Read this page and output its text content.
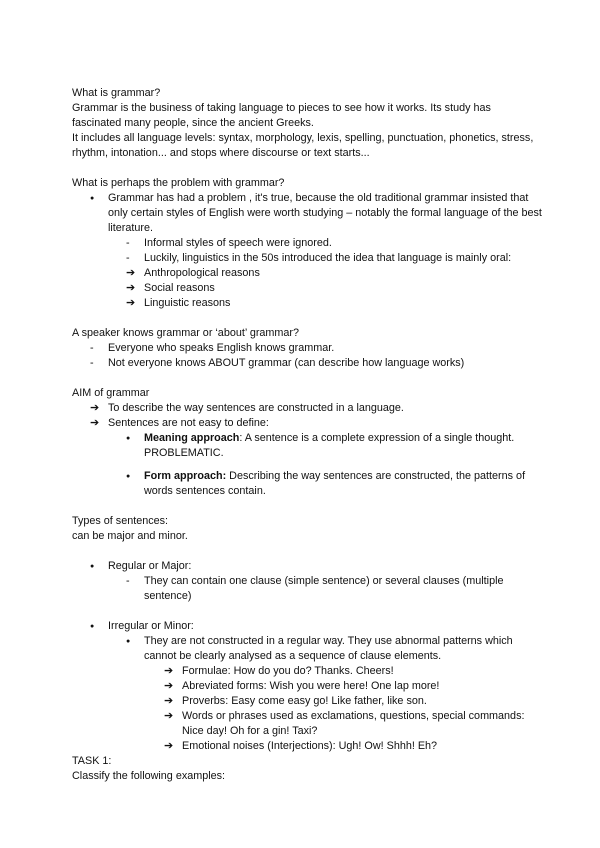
What is grammar?

Grammar is the business of taking language to pieces to see how it works. Its study has fascinated many people, since the ancient Greeks.

It includes all language levels: syntax, morphology, lexis, spelling, punctuation, phonetics, stress, rhythm, intonation... and stops where discourse or text starts...

What is perhaps the problem with grammar?

●	Grammar has had a problem , it's true, because the old traditional grammar insisted that only certain styles of English were worth studying – notably the formal language of the best literature.
-	Informal styles of speech were ignored.
-	Luckily, linguistics in the 50s introduced the idea that language is mainly oral:
➔ Anthropological reasons
➔ Social reasons
➔ Linguistic reasons

A speaker knows grammar or ‘about’ grammar?

-	Everyone who speaks English knows grammar.
-	Not everyone knows ABOUT grammar (can describe how language works)

AIM of grammar

➔ To describe the way sentences are constructed in a language.
➔ Sentences are not easy to define:
●	Meaning approach: A sentence is a complete expression of a single thought. PROBLEMATIC.
●	Form approach: Describing the way sentences are constructed, the patterns of words sentences contain.

Types of sentences:

can be major and minor.

●	Regular or Major:
-	They can contain one clause (simple sentence) or several clauses (multiple sentence)
●	Irregular or Minor:
●	They are not constructed in a regular way. They use abnormal patterns which cannot be clearly analysed as a sequence of clause elements.
➔ Formulae: How do you do? Thanks. Cheers!
➔ Abreviated forms: Wish you were here! One lap more!
➔ Proverbs: Easy come easy go! Like father, like son.
➔ Words or phrases used as exclamations, questions, special commands: Nice day! Oh for a gin! Taxi?
➔ Emotional noises (Interjections): Ugh! Ow! Shhh! Eh?

TASK 1:

Classify the following examples:
